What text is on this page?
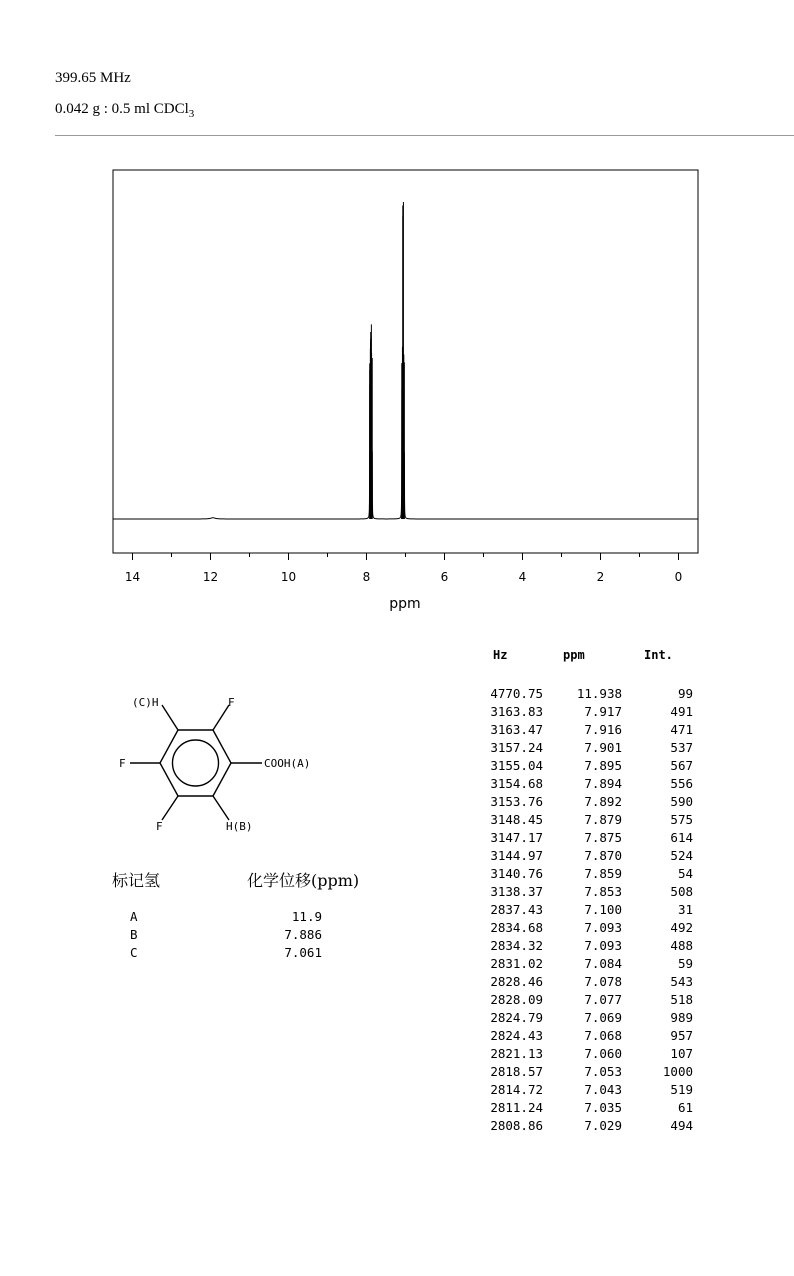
399.65 MHz
0.042 g : 0.5 ml CDCl$_3$
14	12	10	8	6	4	2	0
ppm
Hz	ppm	Int.
4770.75	11.938	99
3163.83	7.917	491
3163.47	7.916	471
3157.24	7.901	537
3155.04	7.895	567
3154.68	7.894	556
3153.76	7.892	590
3148.45	7.879	575
3147.17	7.875	614
3144.97	7.870	524
3140.76	7.859	54
3138.37	7.853	508
2837.43	7.100	31
2834.68	7.093	492
2834.32	7.093	488
2831.02	7.084	59
2828.46	7.078	543
2828.09	7.077	518
2824.79	7.069	989
2824.43	7.068	957
2821.13	7.060	107
2818.57	7.053	1000
2814.72	7.043	519
2811.24	7.035	61
2808.86	7.029	494
(C)H	F
F	COOH(A)
F	H(B)
标记氢	化学位移(ppm)
A	11.9
B	7.886
C	7.061
